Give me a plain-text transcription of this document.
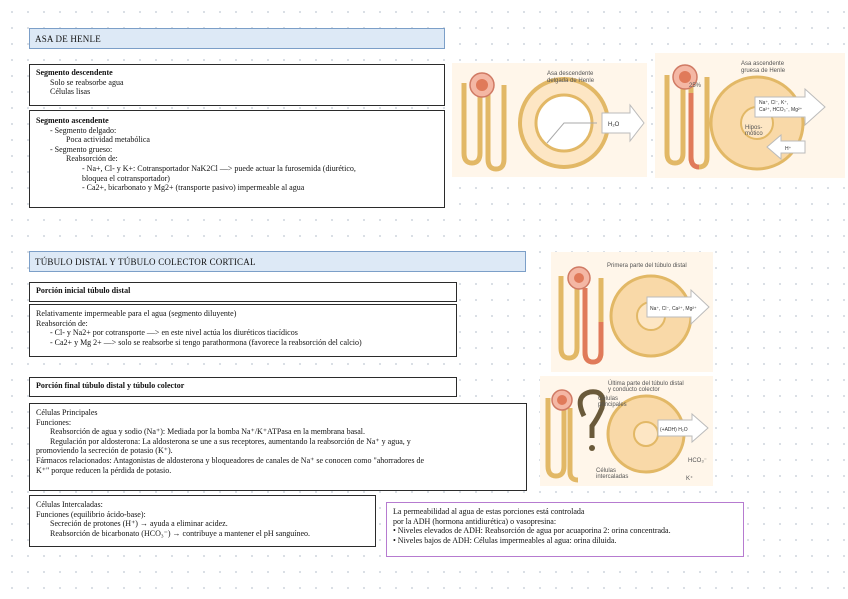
ASA DE HENLE
Segmento descendente
Solo se reabsorbe agua
Células lisas
Segmento ascendente
- Segmento delgado:
Poca actividad metabólica
- Segmento grueso:
Reabsorción de:
- Na+, Cl- y K+: Cotransportador NaK2Cl —> puede actuar la furosemida (diurético,
bloquea el cotransportador)
- Ca2+, bicarbonato y Mg2+ (transporte pasivo) impermeable al agua
H₂O
Asa descendente
delgada de Henle
Na⁺, Cl⁻, K⁺,
Ca²⁺, HCO₃⁻, Mg²⁺
H⁺
Asa ascendente
gruesa de Henle
25%
Hipos-
mótico
TÚBULO DISTAL Y TÚBULO COLECTOR CORTICAL
Porción inicial túbulo distal
Relativamente impermeable para el agua (segmento diluyente)
Reabsorción de:
- Cl- y Na2+ por cotransporte —> en este nivel actúa los diuréticos tiacídicos
- Ca2+ y Mg 2+ —> solo se reabsorbe si tengo parathormona (favorece la reabsorción del calcio)
Na⁺, Cl⁻, Ca²⁺, Mg²⁺
Primera parte del túbulo distal
Porción final túbulo distal y túbulo colector
Células Principales
Funciones:
Reabsorción de agua y sodio (Na⁺): Mediada por la bomba Na⁺/K⁺ATPasa en la membrana basal.
Regulación por aldosterona: La aldosterona se une a sus receptores, aumentando la reabsorción de Na⁺ y agua, y
promoviendo la secreción de potasio (K⁺).
Fármacos relacionados: Antagonistas de aldosterona y bloqueadores de canales de Na⁺ se conocen como "ahorradores de
K⁺" porque reducen la pérdida de potasio.
(+ADH) H₂O
Última parte del túbulo distal
y conducto colector
Células
principales
Células
intercaladas
HCO₃⁻
K⁺
Células Intercaladas:
Funciones (equilibrio ácido-base):
Secreción de protones (H⁺) → ayuda a eliminar acidez.
Reabsorción de bicarbonato (HCO₃⁻) → contribuye a mantener el pH sanguíneo.
La permeabilidad al agua de estas porciones está controlada
por la ADH (hormona antidiurética) o vasopresina:
• Niveles elevados de ADH: Reabsorción de agua por acuaporina 2: orina concentrada.
• Niveles bajos de ADH: Células impermeables al agua: orina diluida.
